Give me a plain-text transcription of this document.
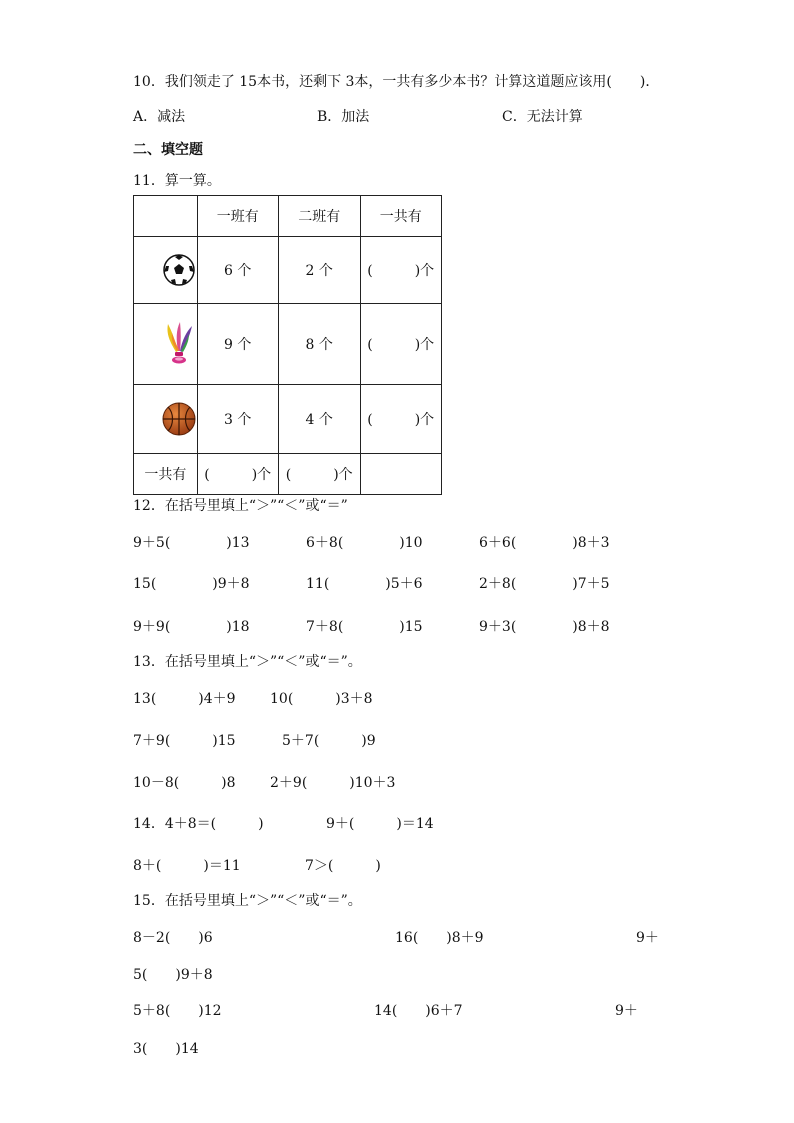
10．我们领走了 15本书，还剩下 3本，一共有多少本书？计算这道题应该用(　　)．
A．减法	B．加法	C．无法计算
二、填空题
11．算一算。
	一班有	二班有	一共有

	6 个	2 个	(　　　)个

	9 个	8 个	(　　　)个

	3 个	4 个	(　　　)个
一共有	(　　　)个	(　　　)个	
12．在括号里填上“＞”“＜”或“＝”
9＋5(　　　　)13	6＋8(　　　　)10	6＋6(　　　　)8＋3
15(　　　　)9＋8	11(　　　　)5＋6	2＋8(　　　　)7＋5
9＋9(　　　　)18	7＋8(　　　　)15	9＋3(　　　　)8＋8
13．在括号里填上“＞”“＜”或“＝”。
13(　　　)4＋9 10(　　　)3＋8
7＋9(　　　)15	5＋7(　　　)9
10－8(　　　)8 2＋9(　　　)10＋3
14．4＋8＝(　　　)	9＋(　　　)＝14
8＋(　　　)＝11	7＞(　　　)
15．在括号里填上“＞”“＜”或“＝”。
8－2(　　)6	16(　　)8＋9	9＋
5(　　)9＋8
5＋8(　　)12	14(　　)6＋7	9＋
3(　　)14
